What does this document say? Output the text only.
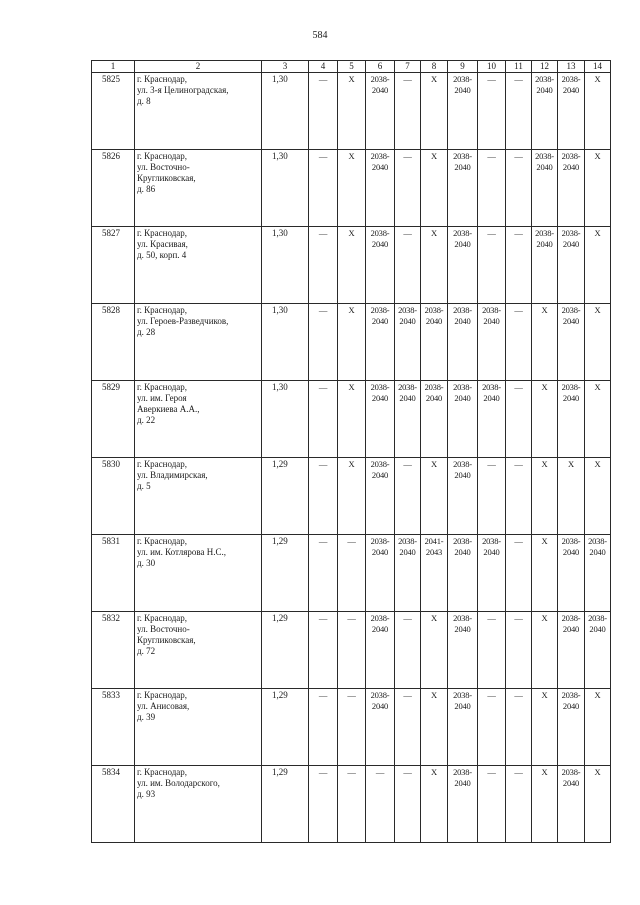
584
1	2	3	4	5	6	7	8	9	10	11	12	13	14
5825	г. Краснодар,
ул. 3-я Целиноградская,
д. 8	1,30	—	X	2038-
2040	—	X	2038-
2040	—	—	2038-
2040	2038-
2040	X

5826	г. Краснодар,
ул. Восточно-
Кругликовская,
д. 86	1,30	—	X	2038-
2040	—	X	2038-
2040	—	—	2038-
2040	2038-
2040	X

5827	г. Краснодар,
ул. Красивая,
д. 50, корп. 4	1,30	—	X	2038-
2040	—	X	2038-
2040	—	—	2038-
2040	2038-
2040	X

5828	г. Краснодар,
ул. Героев-Разведчиков,
д. 28	1,30	—	X	2038-
2040	2038-
2040	2038-
2040	2038-
2040	2038-
2040	—	X	2038-
2040	X

5829	г. Краснодар,
ул. им. Героя
Аверкиева А.А.,
д. 22	1,30	—	X	2038-
2040	2038-
2040	2038-
2040	2038-
2040	2038-
2040	—	X	2038-
2040	X

5830	г. Краснодар,
ул. Владимирская,
д. 5	1,29	—	X	2038-
2040	—	X	2038-
2040	—	—	X	X	X

5831	г. Краснодар,
ул. им. Котлярова Н.С.,
д. 30	1,29	—	—	2038-
2040	2038-
2040	2041-
2043	2038-
2040	2038-
2040	—	X	2038-
2040	2038-
2040

5832	г. Краснодар,
ул. Восточно-
Кругликовская,
д. 72	1,29	—	—	2038-
2040	—	X	2038-
2040	—	—	X	2038-
2040	2038-
2040

5833	г. Краснодар,
ул. Анисовая,
д. 39	1,29	—	—	2038-
2040	—	X	2038-
2040	—	—	X	2038-
2040	X

5834	г. Краснодар,
ул. им. Володарского,
д. 93	1,29	—	—	—	—	X	2038-
2040	—	—	X	2038-
2040	X
